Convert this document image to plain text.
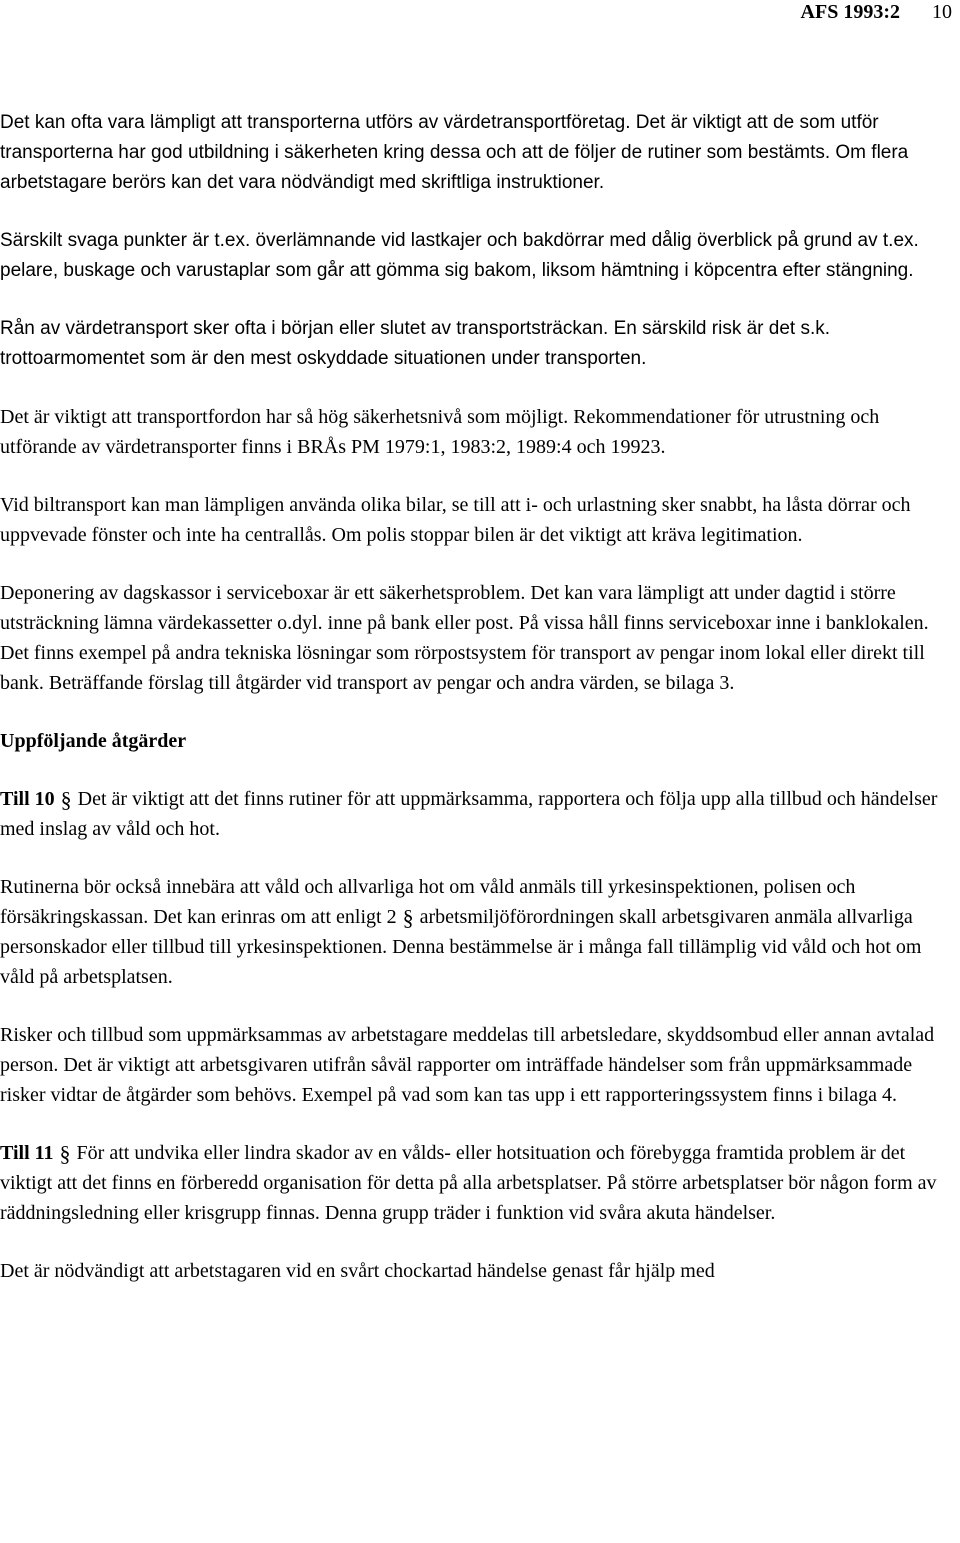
AFS 1993:2 10

Det kan ofta vara lämpligt att transporterna utförs av värdetransportföretag. Det är viktigt att de som utför transporterna har god utbildning i säkerheten kring dessa och att de följer de rutiner som bestämts. Om flera arbetstagare berörs kan det vara nödvändigt med skriftliga instruktioner.

Särskilt svaga punkter är t.ex. överlämnande vid lastkajer och bakdörrar med dålig överblick på grund av t.ex. pelare, buskage och varustaplar som går att gömma sig bakom, liksom hämtning i köpcentra efter stängning.

Rån av värdetransport sker ofta i början eller slutet av transportsträckan. En särskild risk är det s.k. trottoarmomentet som är den mest oskyddade situationen under transporten.

Det är viktigt att transportfordon har så hög säkerhetsnivå som möjligt. Rekommendationer för utrustning och utförande av värdetransporter finns i BRÅs PM 1979:1, 1983:2, 1989:4 och 19923.

Vid biltransport kan man lämpligen använda olika bilar, se till att i- och urlastning sker snabbt, ha låsta dörrar och uppvevade fönster och inte ha centrallås. Om polis stoppar bilen är det viktigt att kräva legitimation.

Deponering av dagskassor i serviceboxar är ett säkerhetsproblem. Det kan vara lämpligt att under dagtid i större utsträckning lämna värdekassetter o.dyl. inne på bank eller post. På vissa håll finns serviceboxar inne i banklokalen. Det finns exempel på andra tekniska lösningar som rörpostsystem för transport av pengar inom lokal eller direkt till bank. Beträffande förslag till åtgärder vid transport av pengar och andra värden, se bilaga 3.

Uppföljande åtgärder

Till 10 § Det är viktigt att det finns rutiner för att uppmärksamma, rapportera och följa upp alla tillbud och händelser med inslag av våld och hot.

Rutinerna bör också innebära att våld och allvarliga hot om våld anmäls till yrkesinspektionen, polisen och försäkringskassan. Det kan erinras om att enligt 2 § arbetsmiljöförordningen skall arbetsgivaren anmäla allvarliga personskador eller tillbud till yrkesinspektionen. Denna bestämmelse är i många fall tillämplig vid våld och hot om våld på arbetsplatsen.

Risker och tillbud som uppmärksammas av arbetstagare meddelas till arbetsledare, skyddsombud eller annan avtalad person. Det är viktigt att arbetsgivaren utifrån såväl rapporter om inträffade händelser som från uppmärksammade risker vidtar de åtgärder som behövs. Exempel på vad som kan tas upp i ett rapporteringssystem finns i bilaga 4.

Till 11 § För att undvika eller lindra skador av en vålds- eller hotsituation och förebygga framtida problem är det viktigt att det finns en förberedd organisation för detta på alla arbetsplatser. På större arbetsplatser bör någon form av räddningsledning eller krisgrupp finnas. Denna grupp träder i funktion vid svåra akuta händelser.

Det är nödvändigt att arbetstagaren vid en svårt chockartad händelse genast får hjälp med
